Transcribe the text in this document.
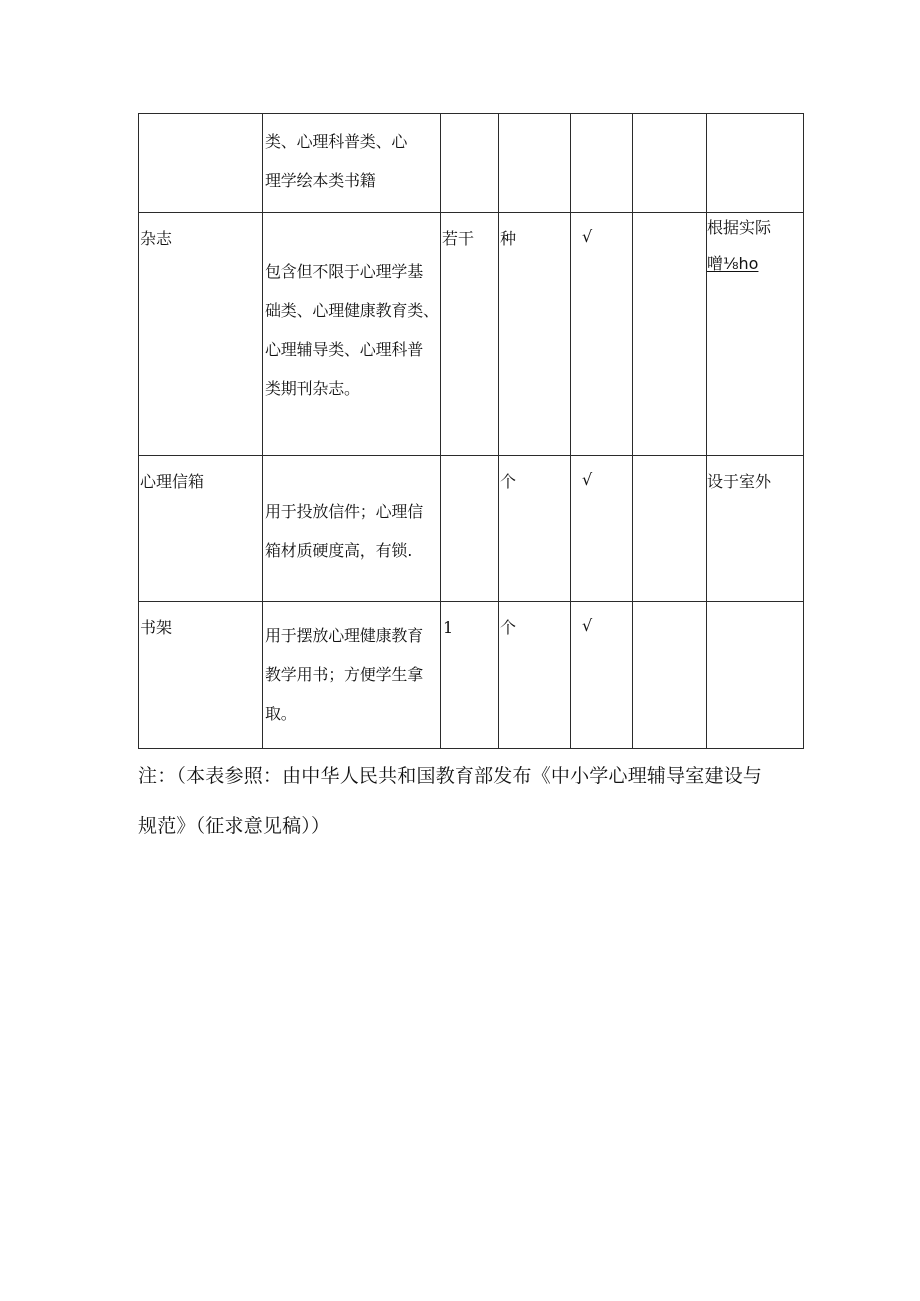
	类、心理科普类、心
理学绘本类书籍					

杂志	包含但不限于心理学基
础类、心理健康教育类、
心理辅导类、心理科普
类期刊杂志。	若干	种	√		根据实际
噌⅛ho

心理信箱	用于投放信件；心理信
箱材质硬度高，有锁.		个	√		设于室外

书架	用于摆放心理健康教育
教学用书；方便学生拿
取。	1	个	√		

注：（本表参照：由中华人民共和国教育部发布《中小学心理辅导室建设与
规范》（征求意见稿））
